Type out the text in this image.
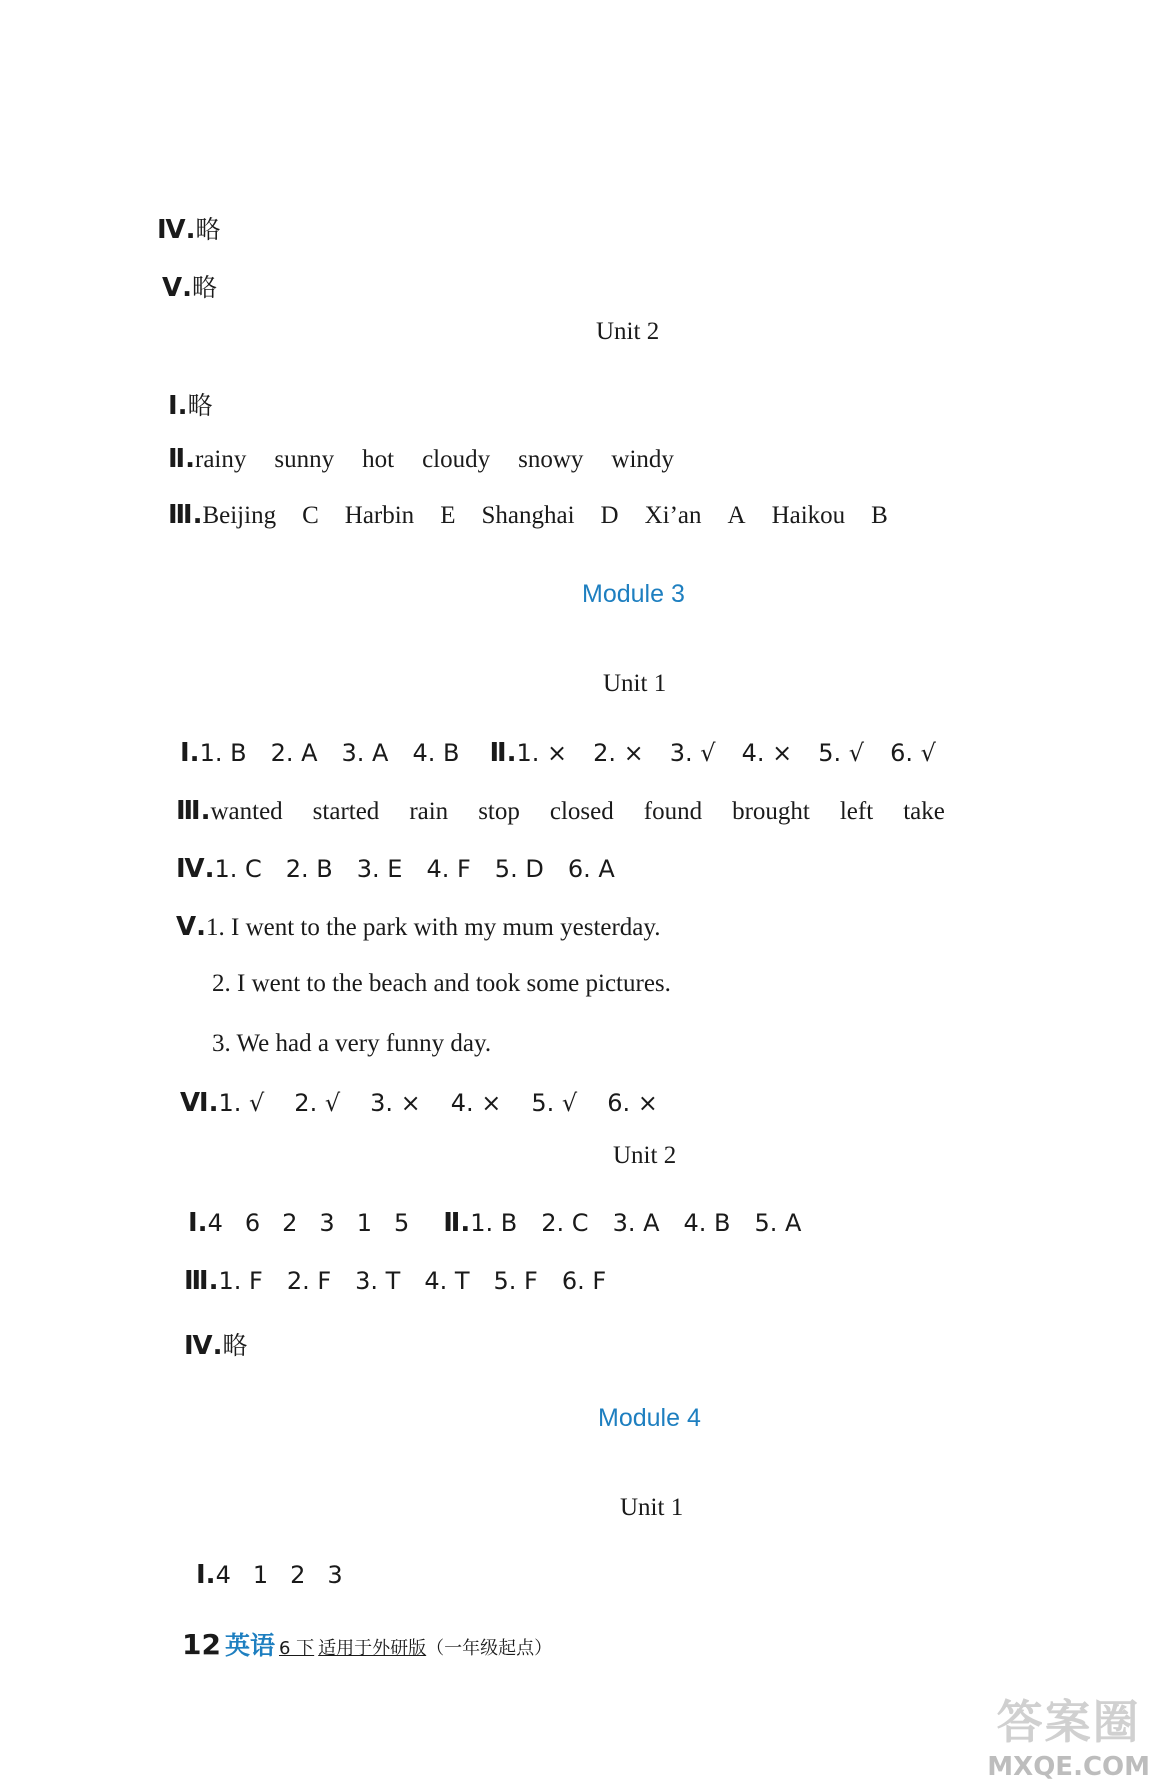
Ⅳ.略
Ⅴ.略
Unit 2
Ⅰ.略
Ⅱ.rainy sunny hot cloudy snowy windy
Ⅲ.Beijing C Harbin E Shanghai D Xi’an A Haikou B
Module 3
Unit 1
Ⅰ.1. B 2. A 3. A 4. B Ⅱ.1. × 2. × 3. √ 4. × 5. √ 6. √
Ⅲ.wanted started rain stop closed found brought left take
Ⅳ.1. C 2. B 3. E 4. F 5. D 6. A
Ⅴ.1. I went to the park with my mum yesterday.
2. I went to the beach and took some pictures.
3. We had a very funny day.
Ⅵ.1. √ 2. √ 3. × 4. × 5. √ 6. ×
Unit 2
Ⅰ.4 6 2 3 1 5 Ⅱ.1. B 2. C 3. A 4. B 5. A
Ⅲ.1. F 2. F 3. T 4. T 5. F 6. F
Ⅳ.略
Module 4
Unit 1
Ⅰ.4 1 2 3
12 英语 6 下 适用于外研版（一年级起点）
答案圈
MXQE.COM
